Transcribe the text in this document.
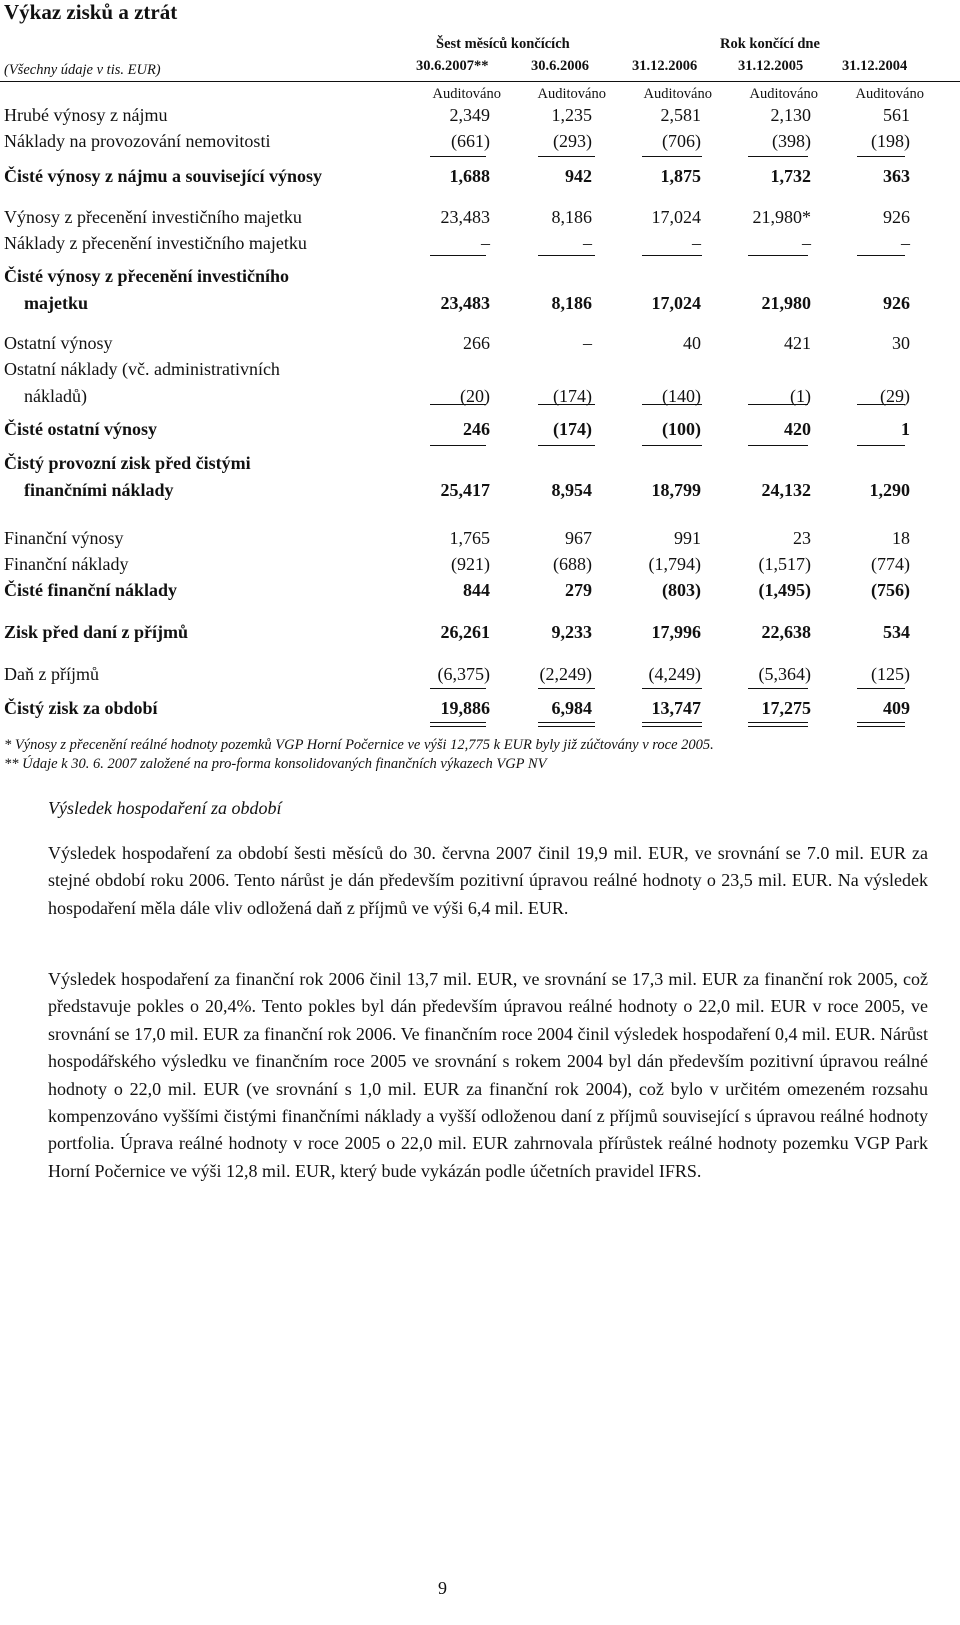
Výkaz zisků a ztrát
Šest měsíců končících	Rok končící dne
(Všechny údaje v tis. EUR)	30.6.2007**	30.6.2006	31.12.2006	31.12.2005	31.12.2004
Auditováno	Auditováno	Auditováno	Auditováno	Auditováno
Hrubé výnosy z nájmu	2,349	1,235	2,581	2,130	561
Náklady na provozování nemovitosti	(661)	(293)	(706)	(398)	(198)
Čisté výnosy z nájmu a související výnosy	1,688	942	1,875	1,732	363
Výnosy z přecenění investičního majetku	23,483	8,186	17,024	21,980*	926
Náklady z přecenění investičního majetku	–	–	–	–	–
Čisté výnosy z přecenění investičního
majetku	23,483	8,186	17,024	21,980	926
Ostatní výnosy	266	–	40	421	30
Ostatní náklady (vč. administrativních
nákladů)	(20)	(174)	(140)	(1)	(29)
Čisté ostatní výnosy	246	(174)	(100)	420	1
Čistý provozní zisk před čistými
finančními náklady	25,417	8,954	18,799	24,132	1,290
Finanční výnosy	1,765	967	991	23	18
Finanční náklady	(921)	(688)	(1,794)	(1,517)	(774)
Čisté finanční náklady	844	279	(803)	(1,495)	(756)
Zisk před daní z příjmů	26,261	9,233	17,996	22,638	534
Daň z příjmů	(6,375)	(2,249)	(4,249)	(5,364)	(125)
Čistý zisk za období	19,886	6,984	13,747	17,275	409
* Výnosy z přecenění reálné hodnoty pozemků VGP Horní Počernice ve výši 12,775 k EUR byly již zúčtovány v roce 2005.
** Údaje k 30. 6. 2007 založené na pro-forma konsolidovaných finančních výkazech VGP NV
Výsledek hospodaření za období
Výsledek hospodaření za období šesti měsíců do 30. června 2007 činil 19,9 mil. EUR, ve srovnání se 7.0 mil. EUR za stejné období roku 2006. Tento nárůst je dán především pozitivní úpravou reálné hodnoty o 23,5 mil. EUR. Na výsledek hospodaření měla dále vliv odložená daň z příjmů ve výši 6,4 mil. EUR.
Výsledek hospodaření za finanční rok 2006 činil 13,7 mil. EUR, ve srovnání se 17,3 mil. EUR za finanční rok 2005, což představuje pokles o 20,4%. Tento pokles byl dán především úpravou reálné hodnoty o 22,0 mil. EUR v roce 2005, ve srovnání se 17,0 mil. EUR za finanční rok 2006. Ve finančním roce 2004 činil výsledek hospodaření 0,4 mil. EUR. Nárůst hospodářského výsledku ve finančním roce 2005 ve srovnání s rokem 2004 byl dán především pozitivní úpravou reálné hodnoty o 22,0 mil. EUR (ve srovnání s 1,0 mil. EUR za finanční rok 2004), což bylo v určitém omezeném rozsahu kompenzováno vyššími čistými finančními náklady a vyšší odloženou daní z příjmů související s úpravou reálné hodnoty portfolia. Úprava reálné hodnoty v roce 2005 o 22,0 mil. EUR zahrnovala přírůstek reálné hodnoty pozemku VGP Park Horní Počernice ve výši 12,8 mil. EUR, který bude vykázán podle účetních pravidel IFRS.
9
